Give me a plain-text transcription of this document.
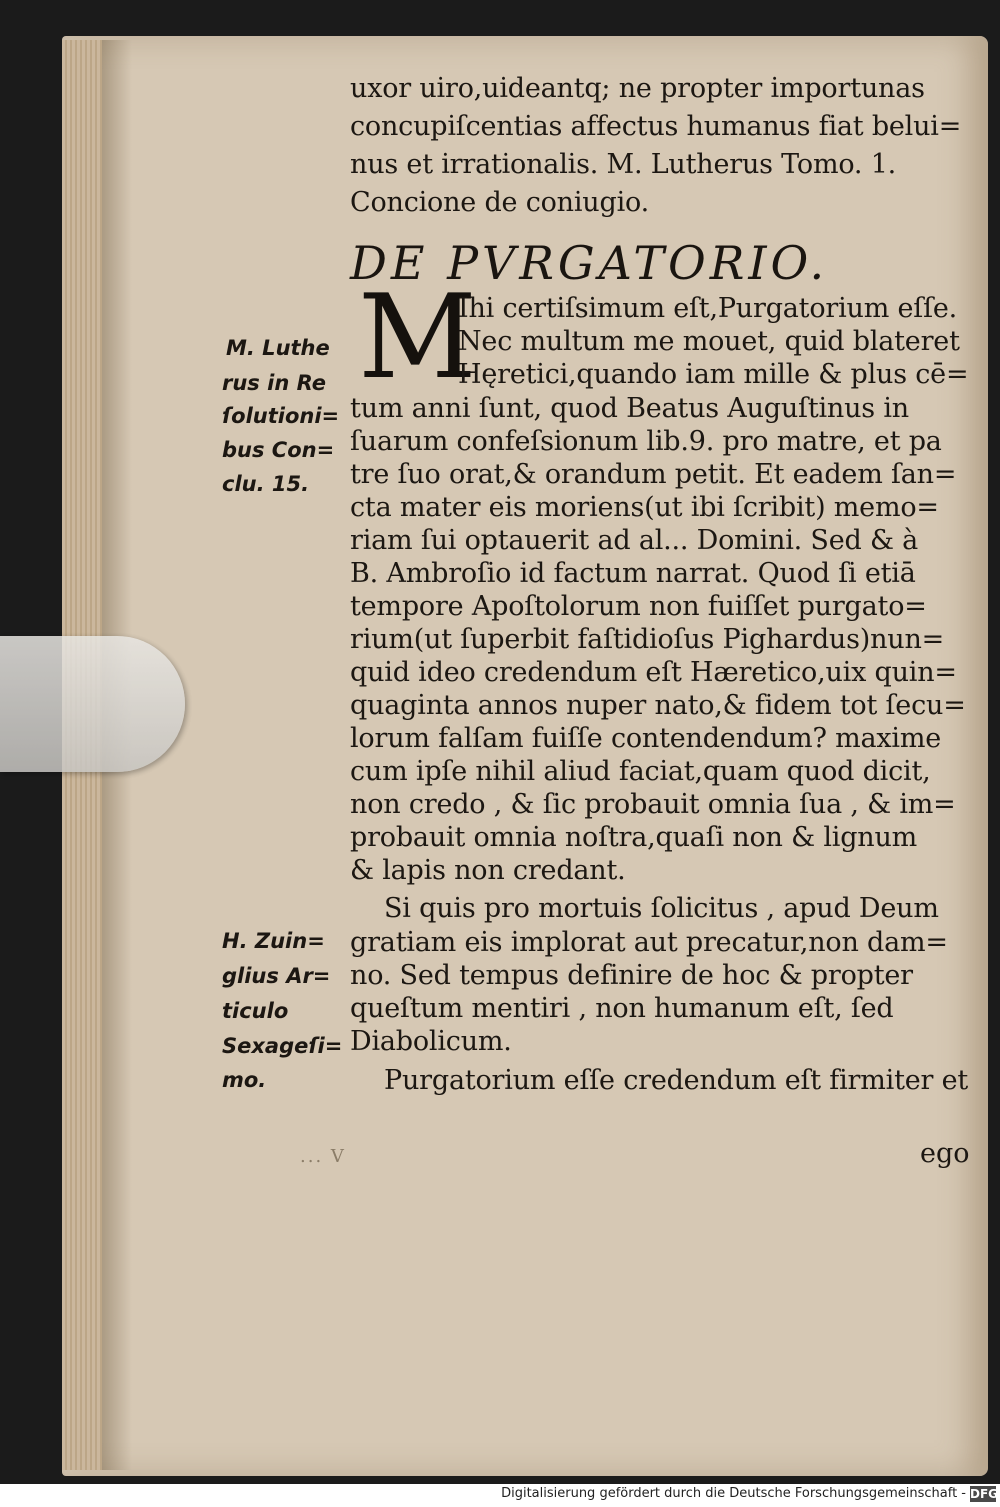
uxor uiro,uideantq; ne propter importunas
concupiſcentias affectus humanus fiat belui=
nus et irrationalis. M. Lutherus Tomo. 1.
Concione de coniugio.
DE PVRGATORIO.
M
Ihi certiſsimum eſt,Purgatorium eſſe.
Nec multum me mouet, quid blateret
Hęretici,quando iam mille & plus cē=
tum anni ſunt, quod Beatus Auguſtinus in
ſuarum confeſsionum lib.9. pro matre, et pa
tre ſuo orat,& orandum petit. Et eadem ſan=
cta mater eis moriens(ut ibi ſcribit) memo=
riam ſui optauerit ad al... Domini. Sed & à
B. Ambroſio id factum narrat. Quod ſi etiā
tempore Apoſtolorum non fuiſſet purgato=
rium(ut ſuperbit faſtidioſus Pighardus)nun=
quid ideo credendum eſt Hæretico,uix quin=
quaginta annos nuper nato,& fidem tot ſecu=
lorum falſam fuiſſe contendendum? maxime
cum ipſe nihil aliud faciat,quam quod dicit,
non credo , & ſic probauit omnia ſua , & im=
probauit omnia noſtra,quaſi non & lignum
& lapis non credant.
Si quis pro mortuis ſolicitus , apud Deum
gratiam eis implorat aut precatur,non dam=
no. Sed tempus definire de hoc & propter
queſtum mentiri , non humanum eſt, ſed
Diabolicum.
Purgatorium eſſe credendum eſt firmiter et
ego
... V
M. Luthe
rus in Re
ſolutioni=
bus Con=
clu. 15.
H. Zuin=
glius Ar=
ticulo
Sexageſi=
mo.
Digitalisierung gefördert durch die Deutsche Forschungsgemeinschaft - DFG
